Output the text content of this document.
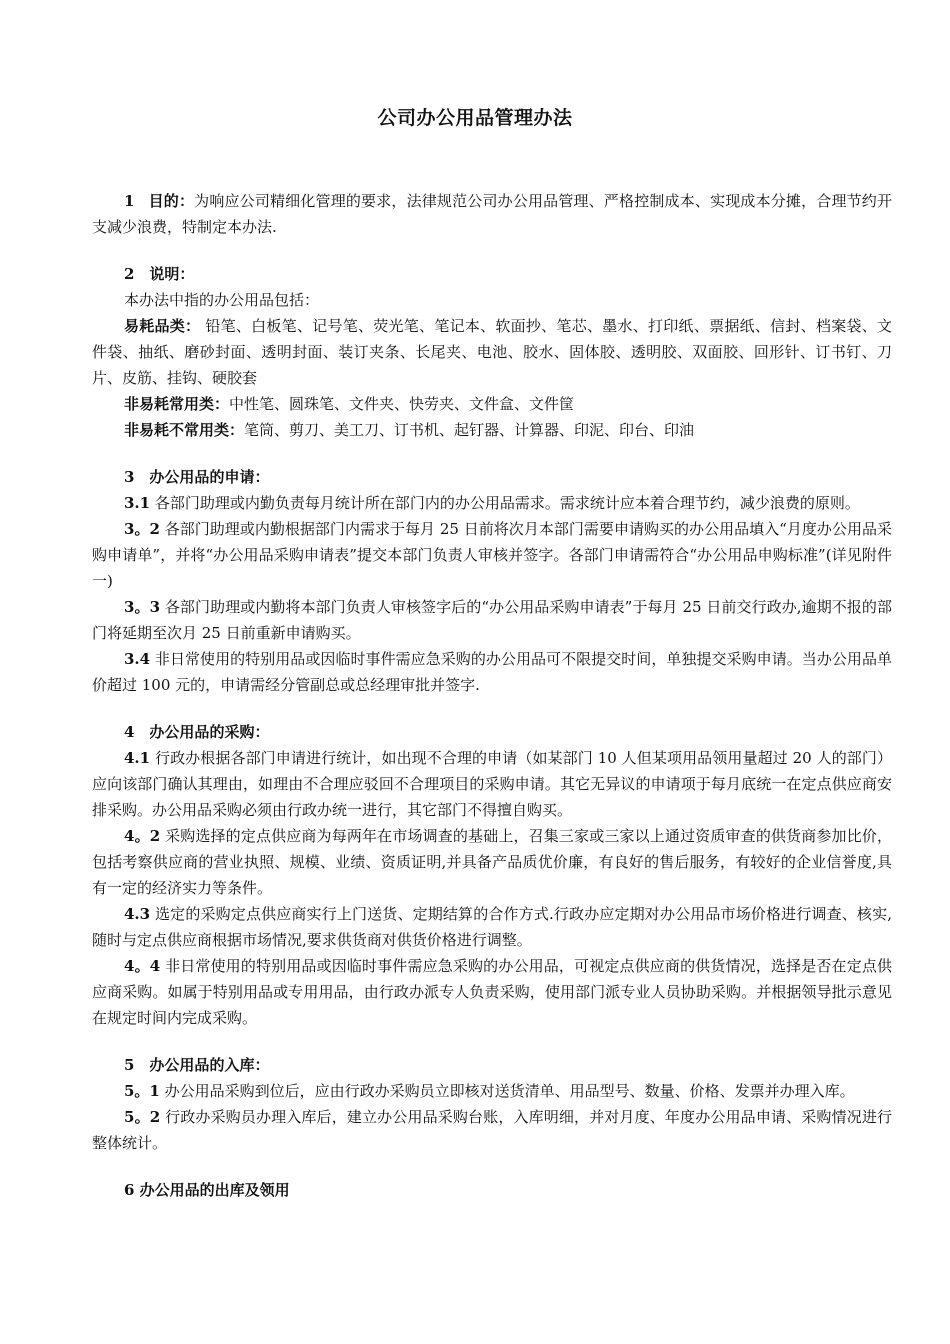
公司办公用品管理办法

1 目的：为响应公司精细化管理的要求，法律规范公司办公用品管理、严格控制成本、实现成本分摊，合理节约开支减少浪费，特制定本办法.

2　说明：

本办法中指的办公用品包括：

易耗品类： 铅笔、白板笔、记号笔、荧光笔、笔记本、软面抄、笔芯、墨水、打印纸、票据纸、信封、档案袋、文件袋、抽纸、磨砂封面、透明封面、装订夹条、长尾夹、电池、胶水、固体胶、透明胶、双面胶、回形针、订书钉、刀片、皮筋、挂钩、硬胶套

非易耗常用类：中性笔、圆珠笔、文件夹、快劳夹、文件盒、文件筐

非易耗不常用类：笔筒、剪刀、美工刀、订书机、起钉器、计算器、印泥、印台、印油

3　办公用品的申请：

3.1 各部门助理或内勤负责每月统计所在部门内的办公用品需求。需求统计应本着合理节约，减少浪费的原则。

3。2 各部门助理或内勤根据部门内需求于每月 25 日前将次月本部门需要申请购买的办公用品填入“月度办公用品采购申请单”，并将“办公用品采购申请表”提交本部门负责人审核并签字。各部门申请需符合“办公用品申购标准”(详见附件一)

3。3 各部门助理或内勤将本部门负责人审核签字后的“办公用品采购申请表”于每月 25 日前交行政办,逾期不报的部门将延期至次月 25 日前重新申请购买。

3.4 非日常使用的特别用品或因临时事件需应急采购的办公用品可不限提交时间，单独提交采购申请。当办公用品单价超过 100 元的，申请需经分管副总或总经理审批并签字.

4　办公用品的采购：

4.1 行政办根据各部门申请进行统计，如出现不合理的申请（如某部门 10 人但某项用品领用量超过 20 人的部门）应向该部门确认其理由，如理由不合理应驳回不合理项目的采购申请。其它无异议的申请项于每月底统一在定点供应商安排采购。办公用品采购必须由行政办统一进行，其它部门不得擅自购买。

4。2 采购选择的定点供应商为每两年在市场调查的基础上，召集三家或三家以上通过资质审查的供货商参加比价，包括考察供应商的营业执照、规模、业绩、资质证明,并具备产品质优价廉，有良好的售后服务，有较好的企业信誉度,具有一定的经济实力等条件。

4.3 选定的采购定点供应商实行上门送货、定期结算的合作方式.行政办应定期对办公用品市场价格进行调查、核实,随时与定点供应商根据市场情况,要求供货商对供货价格进行调整。

4。4 非日常使用的特别用品或因临时事件需应急采购的办公用品，可视定点供应商的供货情况，选择是否在定点供应商采购。如属于特别用品或专用用品，由行政办派专人负责采购，使用部门派专业人员协助采购。并根据领导批示意见在规定时间内完成采购。

5　办公用品的入库：

5。1 办公用品采购到位后，应由行政办采购员立即核对送货清单、用品型号、数量、价格、发票并办理入库。

5。2 行政办采购员办理入库后，建立办公用品采购台账，入库明细，并对月度、年度办公用品申请、采购情况进行整体统计。

6 办公用品的出库及领用
